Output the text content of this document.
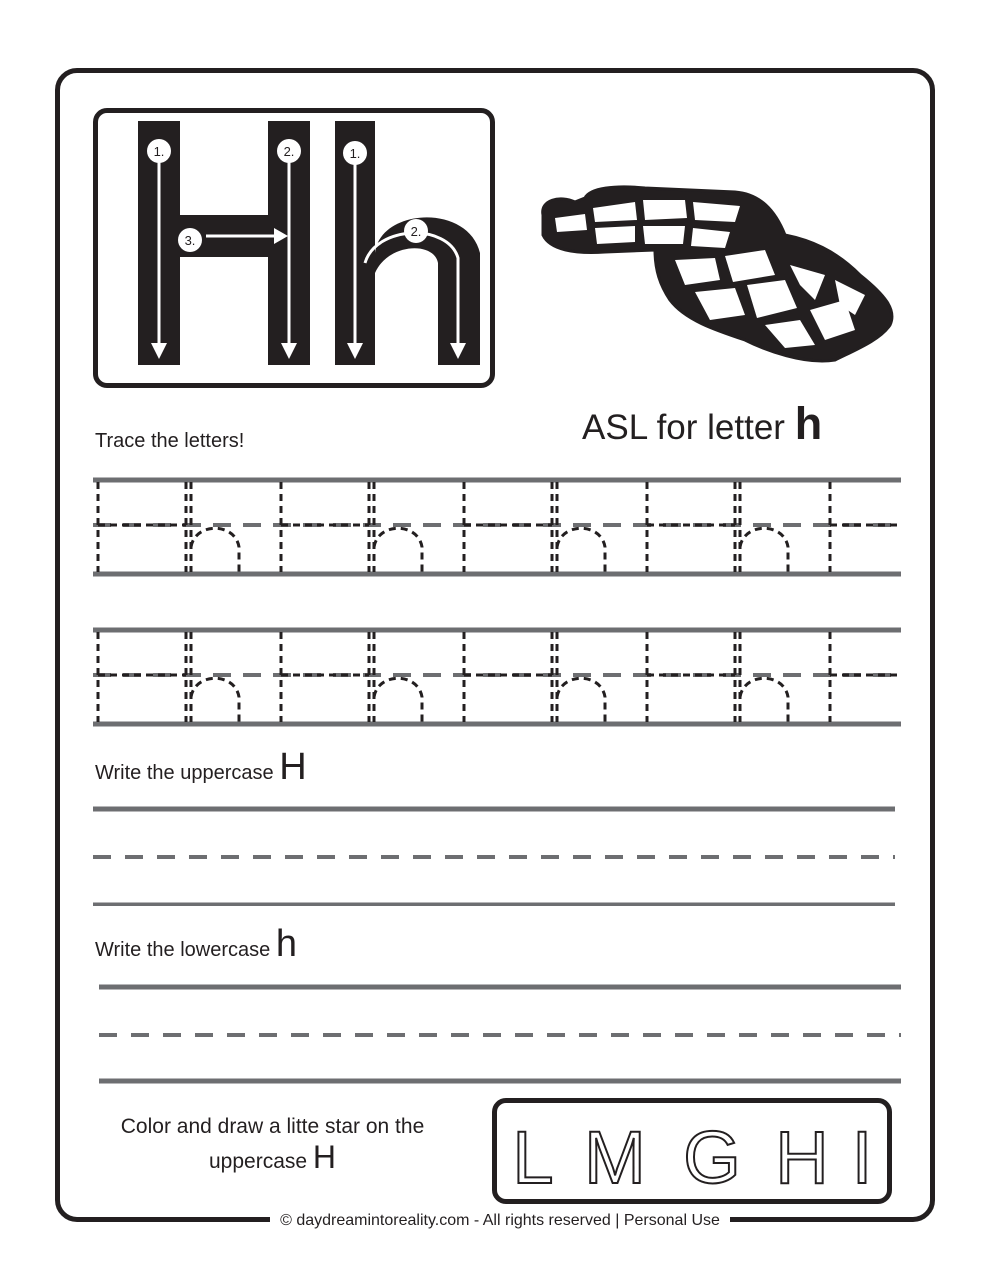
1.	2.
3.
1.
2.
ASL for letter h
Trace the letters!
Write the uppercase H
Write the lowercase h
Color and draw a litte star on the
uppercase H	L M G H I
© daydreamintoreality.com - All rights reserved | Personal Use
